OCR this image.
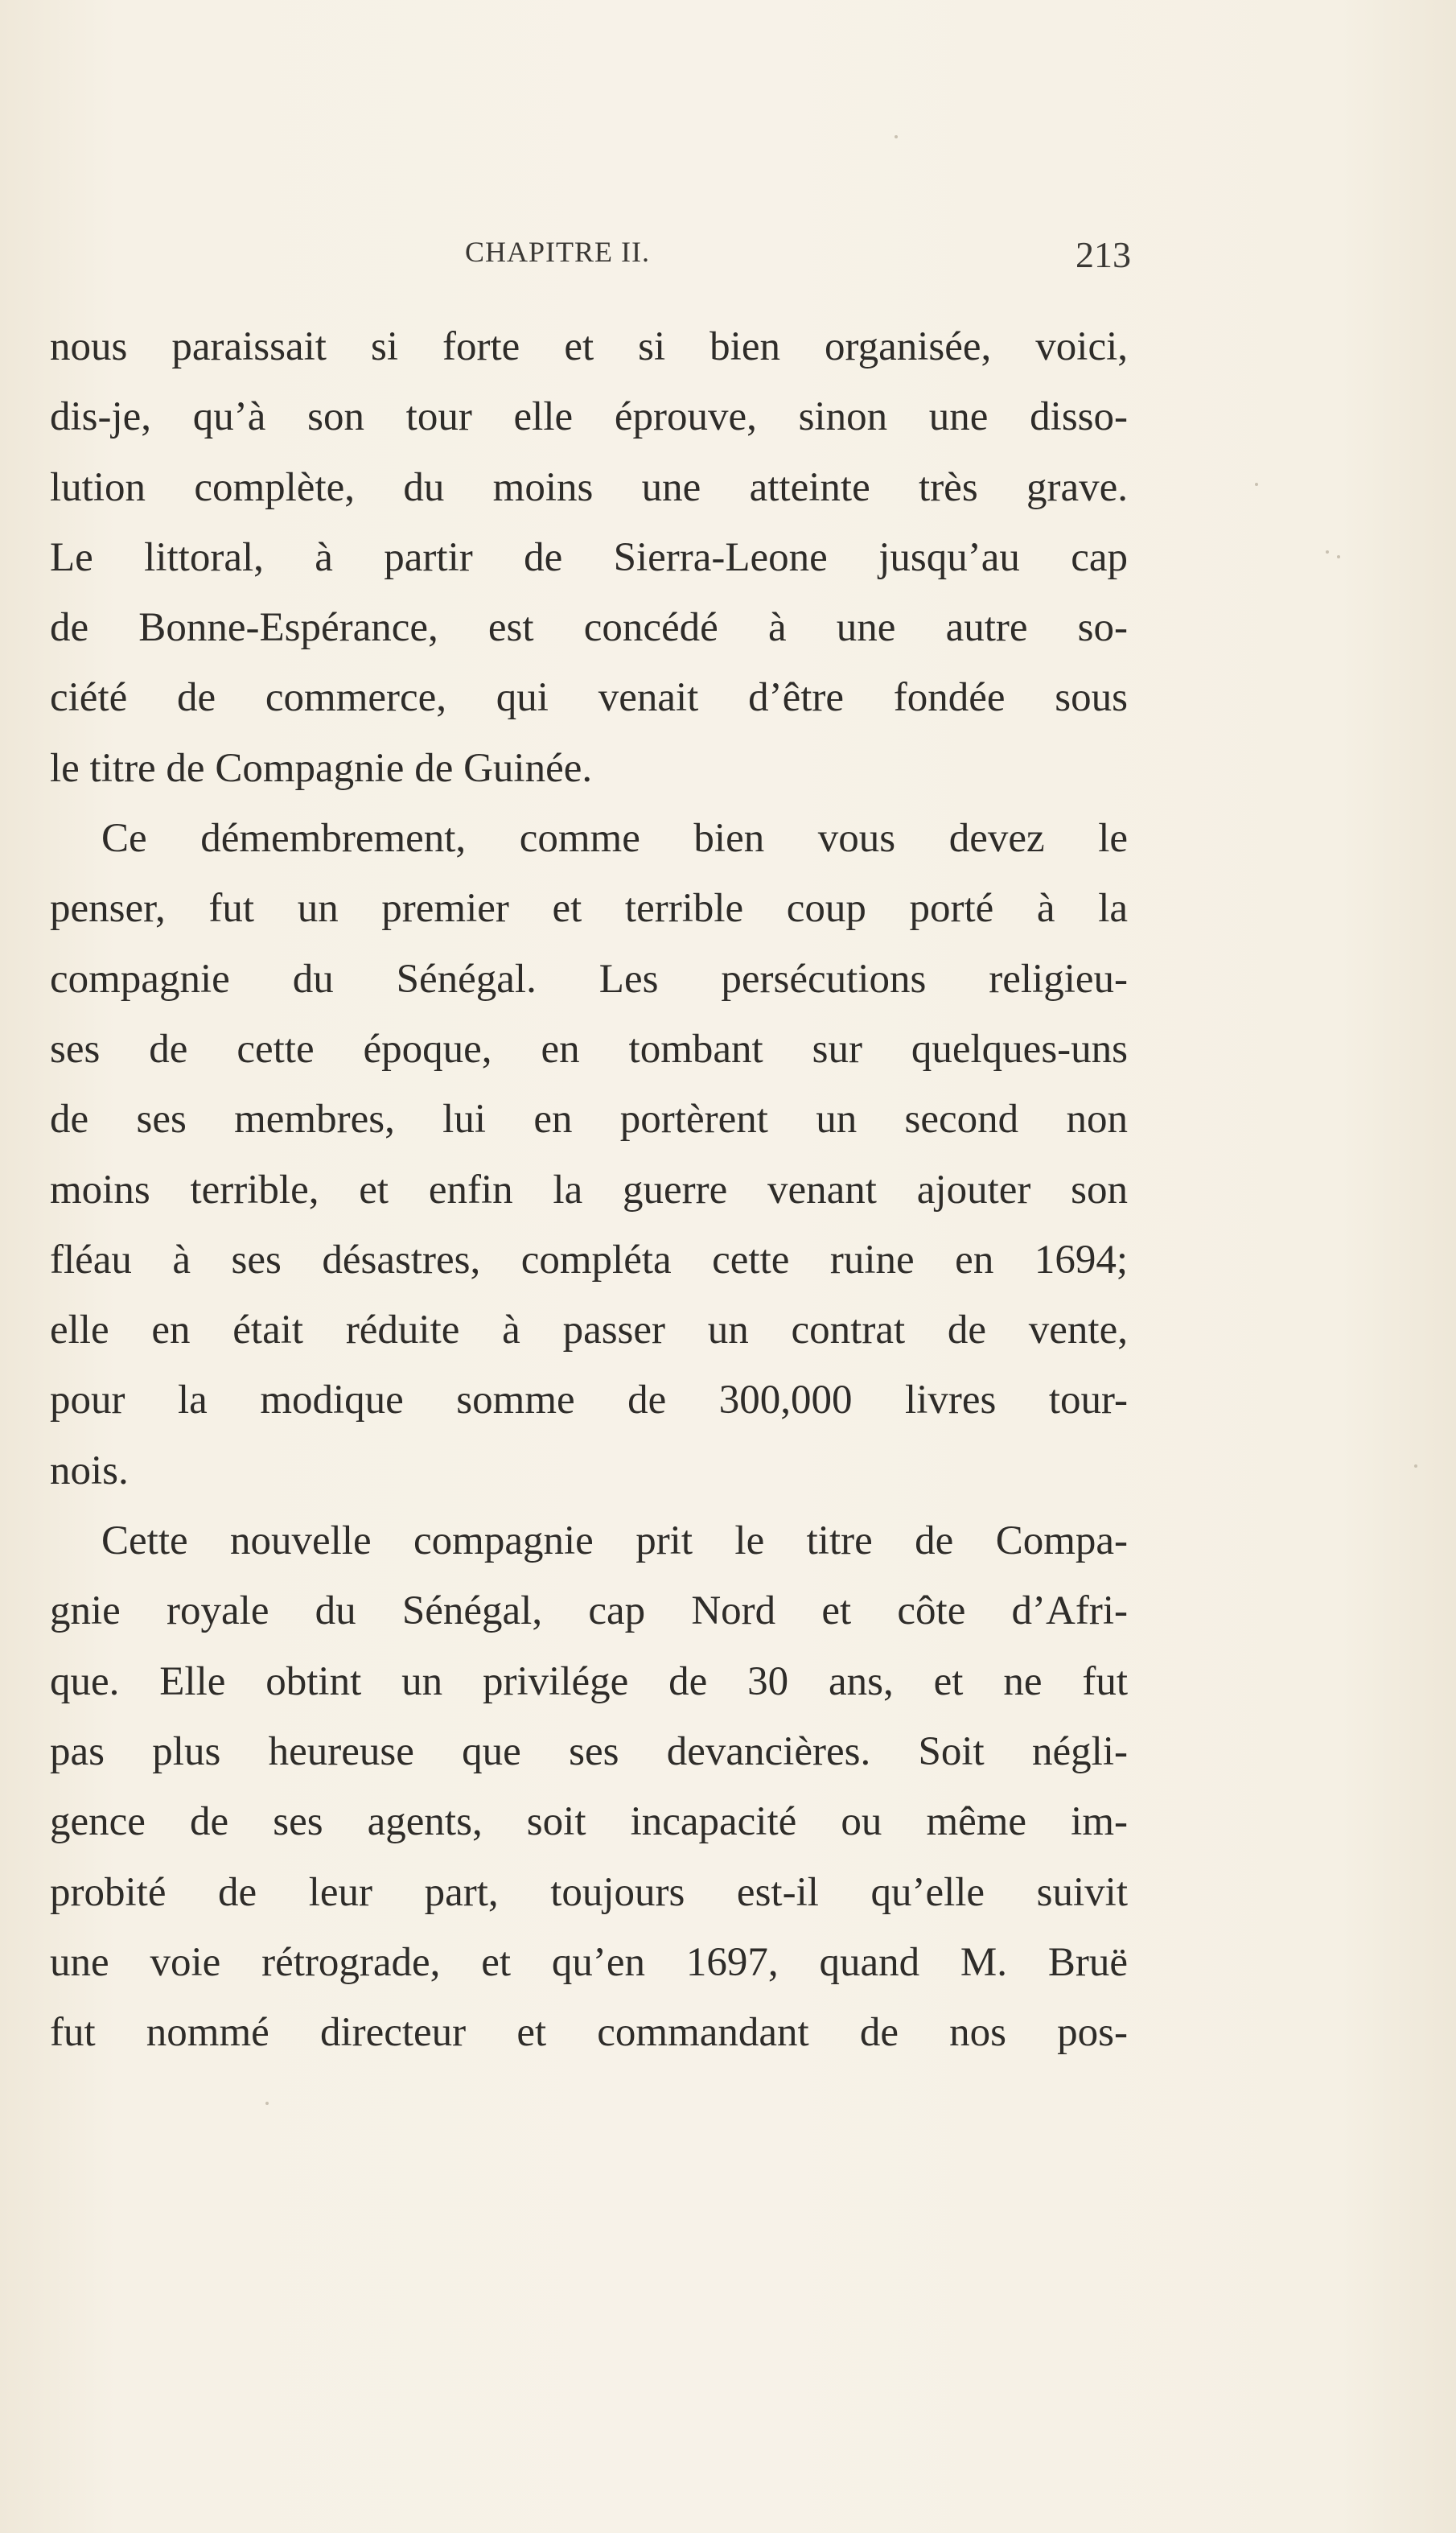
CHAPITRE II.	213
nous paraissait si forte et si bien organisée, voici,
dis-je, qu’à son tour elle éprouve, sinon une disso-
lution complète, du moins une atteinte très grave.
Le littoral, à partir de Sierra-Leone jusqu’au cap
de Bonne-Espérance, est concédé à une autre so-
ciété de commerce, qui venait d’être fondée sous
le titre de Compagnie de Guinée.
Ce démembrement, comme bien vous devez le
penser, fut un premier et terrible coup porté à la
compagnie du Sénégal. Les persécutions religieu-
ses de cette époque, en tombant sur quelques-uns
de ses membres, lui en portèrent un second non
moins terrible, et enfin la guerre venant ajouter son
fléau à ses désastres, compléta cette ruine en 1694;
elle en était réduite à passer un contrat de vente,
pour la modique somme de 300,000 livres tour-
nois.
Cette nouvelle compagnie prit le titre de Compa-
gnie royale du Sénégal, cap Nord et côte d’Afri-
que. Elle obtint un privilége de 30 ans, et ne fut
pas plus heureuse que ses devancières. Soit négli-
gence de ses agents, soit incapacité ou même im-
probité de leur part, toujours est-il qu’elle suivit
une voie rétrograde, et qu’en 1697, quand M. Bruë
fut nommé directeur et commandant de nos pos-
